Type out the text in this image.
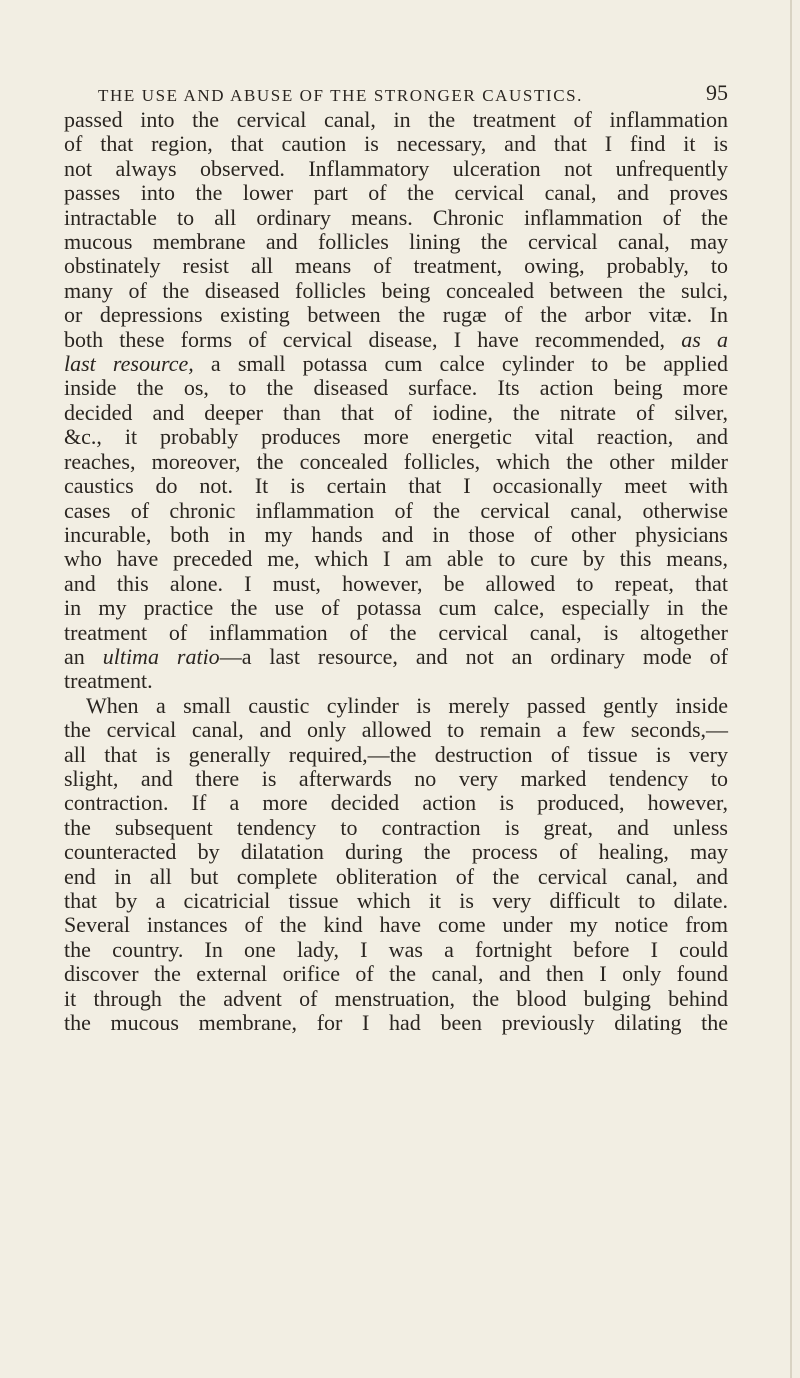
THE USE AND ABUSE OF THE STRONGER CAUSTICS.	95

passed into the cervical canal, in the treatment of inflammation
of that region, that caution is necessary, and that I find it is
not always observed. Inflammatory ulceration not unfrequently
passes into the lower part of the cervical canal, and proves
intractable to all ordinary means. Chronic inflammation of the
mucous membrane and follicles lining the cervical canal, may
obstinately resist all means of treatment, owing, probably, to
many of the diseased follicles being concealed between the sulci,
or depressions existing between the rugæ of the arbor vitæ. In
both these forms of cervical disease, I have recommended, as a
last resource, a small potassa cum calce cylinder to be applied
inside the os, to the diseased surface. Its action being more
decided and deeper than that of iodine, the nitrate of silver,
&c., it probably produces more energetic vital reaction, and
reaches, moreover, the concealed follicles, which the other milder
caustics do not. It is certain that I occasionally meet with
cases of chronic inflammation of the cervical canal, otherwise
incurable, both in my hands and in those of other physicians
who have preceded me, which I am able to cure by this means,
and this alone. I must, however, be allowed to repeat, that
in my practice the use of potassa cum calce, especially in the
treatment of inflammation of the cervical canal, is altogether
an ultima ratio—a last resource, and not an ordinary mode of
treatment.

When a small caustic cylinder is merely passed gently inside
the cervical canal, and only allowed to remain a few seconds,—
all that is generally required,—the destruction of tissue is very
slight, and there is afterwards no very marked tendency to
contraction. If a more decided action is produced, however,
the subsequent tendency to contraction is great, and unless
counteracted by dilatation during the process of healing, may
end in all but complete obliteration of the cervical canal, and
that by a cicatricial tissue which it is very difficult to dilate.
Several instances of the kind have come under my notice from
the country. In one lady, I was a fortnight before I could
discover the external orifice of the canal, and then I only found
it through the advent of menstruation, the blood bulging behind
the mucous membrane, for I had been previously dilating the
